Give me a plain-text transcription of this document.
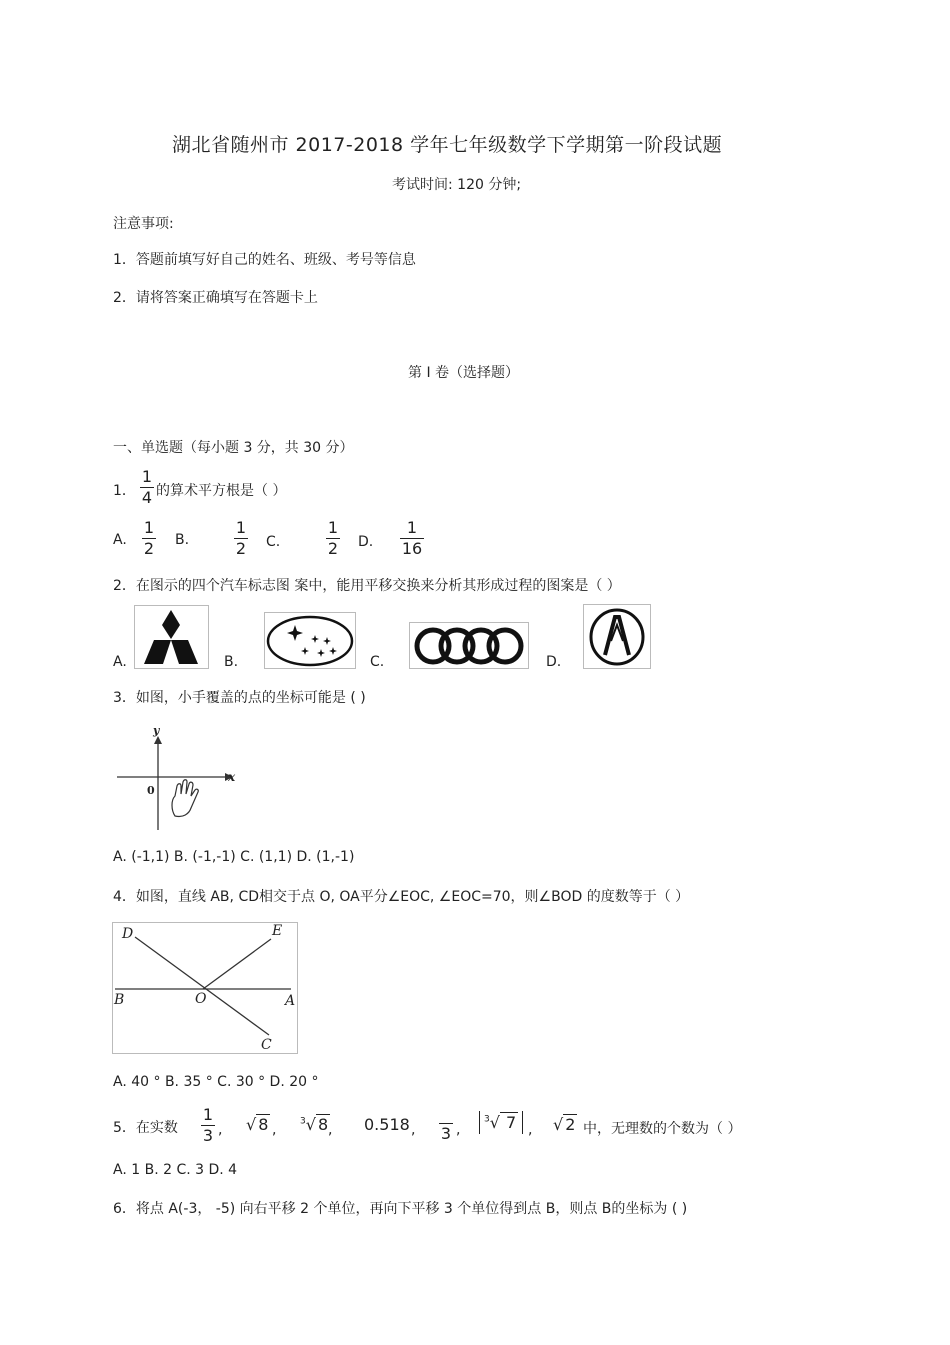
湖北省随州市 2017-2018 学年七年级数学下学期第一阶段试题
考试时间: 120 分钟;
注意事项:
1．答题前填写好自己的姓名、班级、考号等信息
2．请将答案正确填写在答题卡上
第 Ⅰ 卷（选择题）
一、单选题（每小题 3 分，共 30 分）
1．
1
4 的算术平方根是（ ）
A.
1
2 B.
1
2 C.
1
2 D.
1
16
2．在图示的四个汽车标志图 案中，能用平移交换来分析其形成过程的图案是（ ）
A.	B.	C.	D.
3．如图，小手覆盖的点的坐标可能是 ( )
y
x
0
A. (-1,1) B. (-1,-1) C. (1,1) D. (1,-1)
4．如图，直线 AB, CD相交于点 O, OA平分∠EOC, ∠EOC=70，则∠BOD 的度数等于（ ）
D	E
B	O	A
C
A. 40 ° B. 35 ° C. 30 ° D. 20 °
5．在实数
1
3 , √ 8 ,
$^3$√ 8 , 0.518 , 3 ,
$^3$√ 7 , √ 2 中，无理数的个数为（ ）
A. 1 B. 2 C. 3 D. 4
6．将点 A(-3， -5) 向右平移 2 个单位，再向下平移 3 个单位得到点 B，则点 B的坐标为 ( )
